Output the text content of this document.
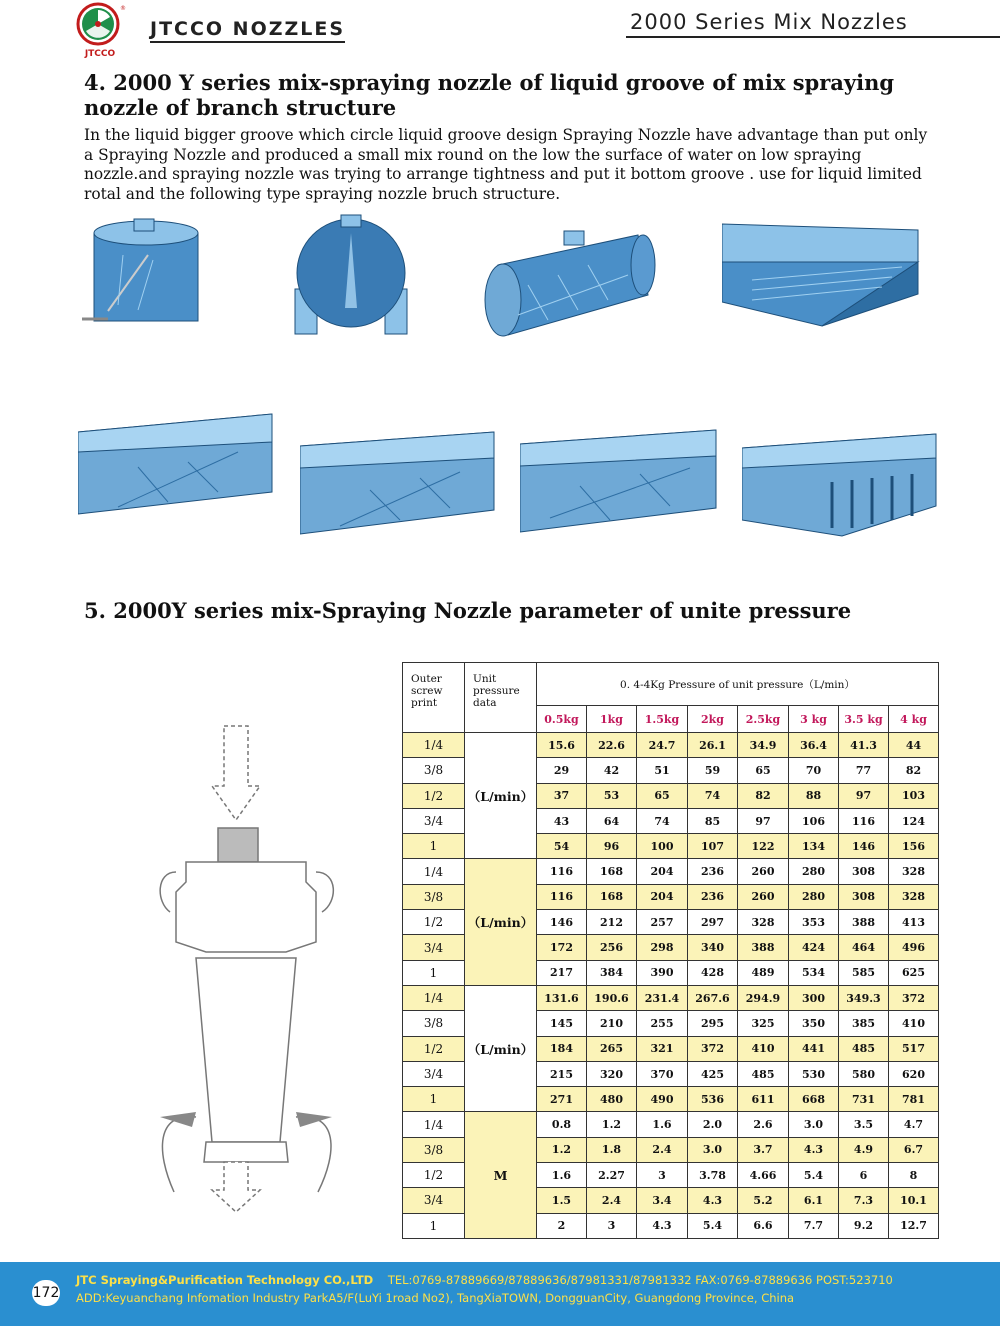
®
JTCCO
JTCCO NOZZLES	2000 Series Mix Nozzles
4. 2000 Y series mix-spraying nozzle of liquid groove of mix spraying nozzle of branch structure
In the liquid bigger groove which circle liquid groove design Spraying Nozzle have advantage than put only a Spraying Nozzle and produced a small mix round on the low the surface of water on low spraying nozzle.and spraying nozzle was trying to arrange tightness and put it bottom groove . use for liquid limited rotal and the following type spraying nozzle bruch structure.
5. 2000Y series mix-Spraying Nozzle parameter of unite pressure
Outer screw print	Unit pressure data	0. 4-4Kg Pressure of unit pressure（L/min）							
		0.5kg	1kg	1.5kg	2kg	2.5kg	3 kg	3.5 kg	4 kg
1/4	（L/min）	15.6	22.6	24.7	26.1	34.9	36.4	41.3	44
3/8		29	42	51	59	65	70	77	82
1/2		37	53	65	74	82	88	97	103
3/4		43	64	74	85	97	106	116	124
1		54	96	100	107	122	134	146	156
1/4	（L/min）	116	168	204	236	260	280	308	328
3/8		116	168	204	236	260	280	308	328
1/2		146	212	257	297	328	353	388	413
3/4		172	256	298	340	388	424	464	496
1		217	384	390	428	489	534	585	625
1/4	（L/min）	131.6	190.6	231.4	267.6	294.9	300	349.3	372
3/8		145	210	255	295	325	350	385	410
1/2		184	265	321	372	410	441	485	517
3/4		215	320	370	425	485	530	580	620
1		271	480	490	536	611	668	731	781
1/4	M	0.8	1.2	1.6	2.0	2.6	3.0	3.5	4.7
3/8		1.2	1.8	2.4	3.0	3.7	4.3	4.9	6.7
1/2		1.6	2.27	3	3.78	4.66	5.4	6	8
3/4		1.5	2.4	3.4	4.3	5.2	6.1	7.3	10.1
1		2	3	4.3	5.4	6.6	7.7	9.2	12.7
172
JTC Spraying&Purification Technology CO.,LTD TEL:0769-87889669/87889636/87981331/87981332 FAX:0769-87889636 POST:523710
ADD:Keyuanchang Infomation Industry ParkA5/F(LuYi 1road No2), TangXiaTOWN, DongguanCity, Guangdong Province, China
